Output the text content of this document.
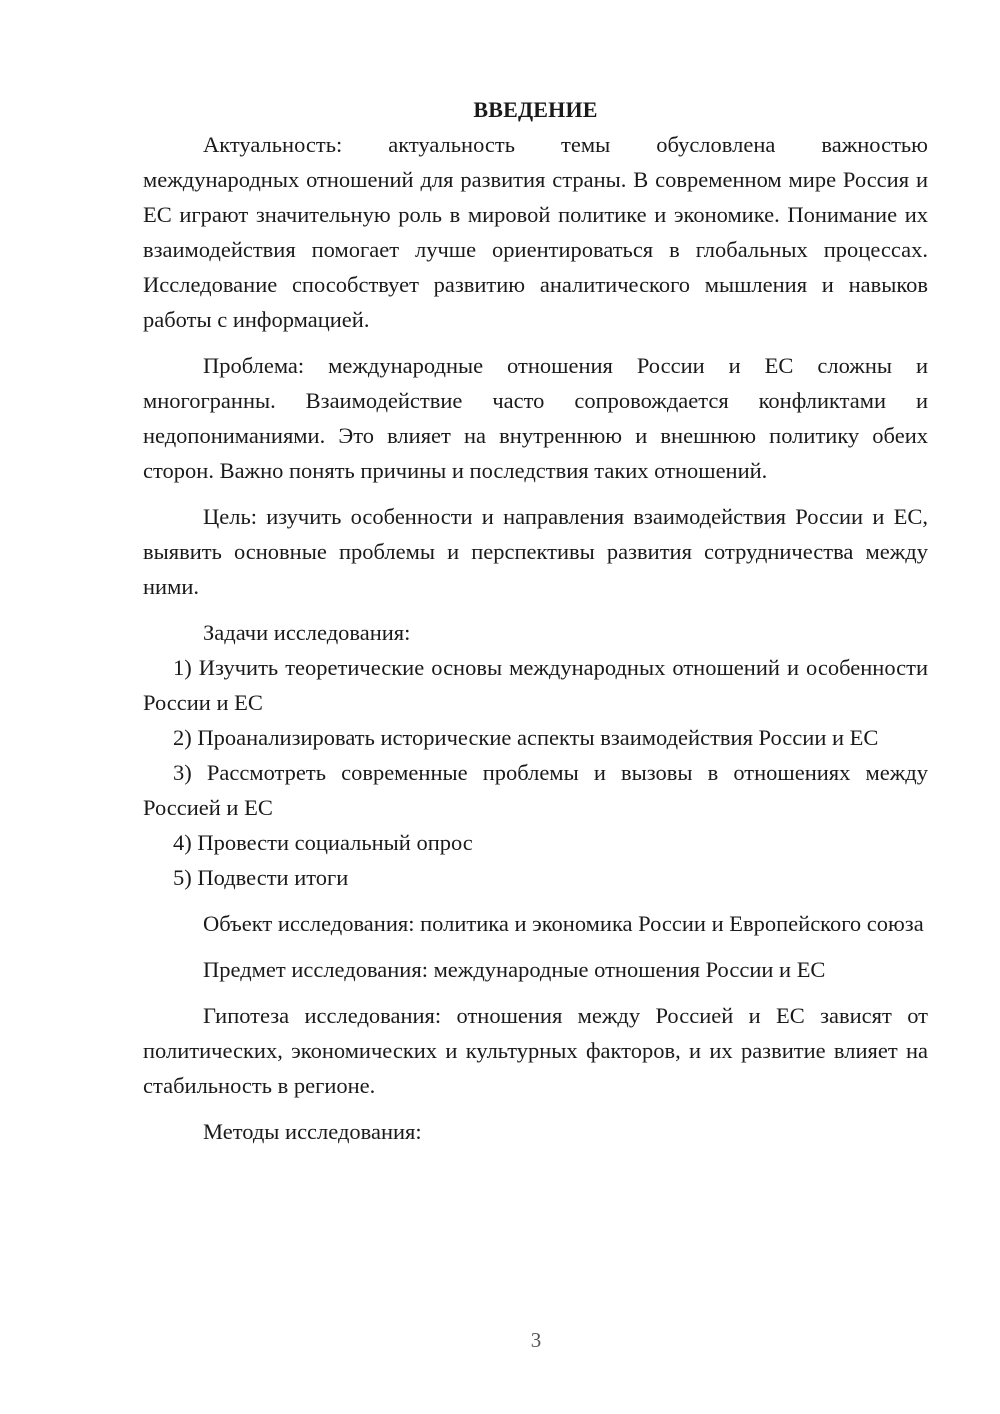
ВВЕДЕНИЕ

Актуальность: актуальность темы обусловлена важностью международных отношений для развития страны. В современном мире Россия и ЕС играют значительную роль в мировой политике и экономике. Понимание их взаимодействия помогает лучше ориентироваться в глобальных процессах. Исследование способствует развитию аналитического мышления и навыков работы с информацией.

Проблема: международные отношения России и ЕС сложны и многогранны. Взаимодействие часто сопровождается конфликтами и недопониманиями. Это влияет на внутреннюю и внешнюю политику обеих сторон. Важно понять причины и последствия таких отношений.

Цель: изучить особенности и направления взаимодействия России и ЕС, выявить основные проблемы и перспективы развития сотрудничества между ними.

Задачи исследования:

1) Изучить теоретические основы международных отношений и особенности России и ЕС

2) Проанализировать исторические аспекты взаимодействия России и ЕС

3) Рассмотреть современные проблемы и вызовы в отношениях между Россией и ЕС

4) Провести социальный опрос

5) Подвести итоги

Объект исследования: политика и экономика России и Европейского союза

Предмет исследования: международные отношения России и ЕС

Гипотеза исследования: отношения между Россией и ЕС зависят от политических, экономических и культурных факторов, и их развитие влияет на стабильность в регионе.

Методы исследования:

3
